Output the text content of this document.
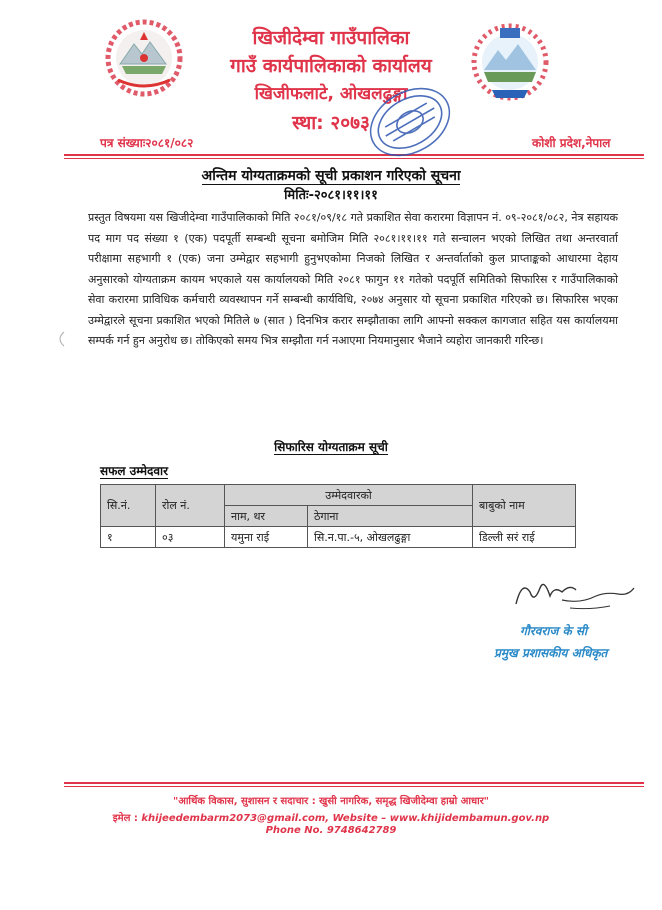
खिजीदेम्वा गाउँपालिका
गाउँ कार्यपालिकाको कार्यालय
खिजीफलाटे, ओखलढुङ्गा
स्था: २०७३
पत्र संख्याः२०८१/०८२	कोशी प्रदेश,नेपाल
अन्तिम योग्यताक्रमको सूची प्रकाशन गरिएको सूचना
मितिः-२०८१।११।११
प्रस्तुत विषयमा यस खिजीदेम्वा गाउँपालिकाको मिति २०८१/०९/१८ गते प्रकाशित सेवा करारमा विज्ञापन नं. ०९-२०८१/०८२, नेत्र सहायक पद माग पद संख्या १ (एक) पदपूर्ती सम्बन्धी सूचना बमोजिम मिति २०८१।११।११ गते सन्चालन भएको लिखित तथा अन्तरवार्ता परीक्षामा सहभागी १ (एक) जना उम्मेद्वार सहभागी हुनुभएकोमा निजको लिखित र अन्तर्वार्ताको कुल प्राप्ताङ्कको आधारमा देहाय अनुसारको योग्यताक्रम कायम भएकाले यस कार्यालयको मिति २०८१ फागुन ११ गतेको पदपूर्ति समितिको सिफारिस र गाउँपालिकाको सेवा करारमा प्राविधिक कर्मचारी व्यवस्थापन गर्ने सम्बन्धी कार्यविधि, २०७४ अनुसार यो सूचना प्रकाशित गरिएको छ। सिफारिस भएका उम्मेद्वारले सूचना प्रकाशित भएको मितिले ७ (सात ) दिनभित्र करार सम्झौताका लागि आफ्नो सक्कल कागजात सहित यस कार्यालयमा सम्पर्क गर्न हुन अनुरोध छ। तोकिएको समय भित्र सम्झौता गर्न नआएमा नियमानुसार भैजाने व्यहोरा जानकारी गरिन्छ।
सिफारिस योग्यताक्रम सूची
सफल उम्मेदवार
सि.नं.	रोल नं.	उम्मेदवारको		बाबुको नाम
		नाम, थर	ठेगाना	
१	०३	यमुना राई	सि.न.पा.-५, ओखलढुङ्गा	डिल्ली सरं राई
गौरवराज के सी
प्रमुख प्रशासकीय अधिकृत
"आर्थिक विकास, सुशासन र सदाचार : खुसी नागरिक, समृद्ध खिजीदेम्वा हाम्रो आधार"
इमेल : khijeedembarm2073@gmail.com, Website – www.khijidembamun.gov.np
Phone No. 9748642789
